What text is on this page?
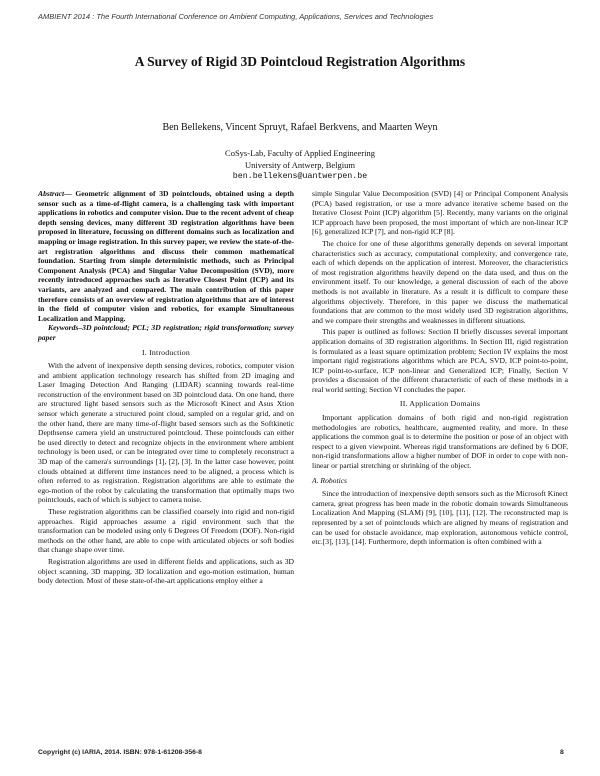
AMBIENT 2014 : The Fourth International Conference on Ambient Computing, Applications, Services and Technologies
A Survey of Rigid 3D Pointcloud Registration Algorithms
Ben Bellekens, Vincent Spruyt, Rafael Berkvens, and Maarten Weyn
CoSys-Lab, Faculty of Applied Engineering
University of Antwerp, Belgium
ben.bellekens@uantwerpen.be

Abstract— Geometric alignment of 3D pointclouds, obtained using a depth sensor such as a time-of-flight camera, is a challenging task with important applications in robotics and computer vision. Due to the recent advent of cheap depth sensing devices, many different 3D registration algorithms have been proposed in literature, focussing on different domains such as localization and mapping or image registration. In this survey paper, we review the state-of-the-art registration algorithms and discuss their common mathematical foundation. Starting from simple deterministic methods, such as Principal Component Analysis (PCA) and Singular Value Decomposition (SVD), more recently introduced approaches such as Iterative Closest Point (ICP) and its variants, are analyzed and compared. The main contribution of this paper therefore consists of an overview of registration algorithms that are of interest in the field of computer vision and robotics, for example Simultaneous Localization and Mapping.

Keywords–3D pointcloud; PCL; 3D registration; rigid transformation; survey paper

I. Introduction

With the advent of inexpensive depth sensing devices, robotics, computer vision and ambient application technology research has shifted from 2D imaging and Laser Imaging Detection And Ranging (LIDAR) scanning towards real-time reconstruction of the environment based on 3D pointcloud data. On one hand, there are structured light based sensors such as the Microsoft Kinect and Asus Xtion sensor which generate a structured point cloud, sampled on a regular grid, and on the other hand, there are many time-of-flight based sensors such as the Softkinetic Depthsense camera yield an unstructured pointcloud. These pointclouds can either be used directly to detect and recognize objects in the environment where ambient technology is been used, or can be integrated over time to completely reconstruct a 3D map of the camera's surroundings [1], [2], [3]. In the latter case however, point clouds obtained at different time instances need to be aligned, a process which is often referred to as registration. Registration algorithms are able to estimate the ego-motion of the robot by calculating the transformation that optimally maps two pointclouds, each of which is subject to camera noise.

These registration algorithms can be classified coarsely into rigid and non-rigid approaches. Rigid approaches assume a rigid environment such that the transformation can be modeled using only 6 Degrees Of Freedom (DOF). Non-rigid methods on the other hand, are able to cope with articulated objects or soft bodies that change shape over time.

Registration algorithms are used in different fields and applications, such as 3D object scanning, 3D mapping, 3D localization and ego-motion estimation, human body detection. Most of these state-of-the-art applications employ either a

simple Singular Value Decomposition (SVD) [4] or Principal Component Analysis (PCA) based registration, or use a more advance iterative scheme based on the Iterative Closest Point (ICP) algorithm [5]. Recently, many variants on the original ICP approach have been proposed, the most important of which are non-linear ICP [6], generalized ICP [7], and non-rigid ICP [8].

The choice for one of these algorithms generally depends on several important characteristics such as accuracy, computational complexity, and convergence rate, each of which depends on the application of interest. Moreover, the characteristics of most registration algorithms heavily depend on the data used, and thus on the environment itself. To our knowledge, a general discussion of each of the above methods is not available in literature. As a result it is difficult to compare these algorithms objectively. Therefore, in this paper we discuss the mathematical foundations that are common to the most widely used 3D registration algorithms, and we compare their strengths and weaknesses in different situations.

This paper is outlined as follows: Section II briefly discusses several important application domains of 3D registration algorithms. In Section III, rigid registration is formulated as a least square optimization problem; Section IV explains the most important rigid registrations algorithms which are PCA, SVD, ICP point-to-point, ICP point-to-surface, ICP non-linear and Generalized ICP; Finally, Section V provides a discussion of the different characteristic of each of these methods in a real world setting; Section VI concludes the paper.

II. Application Domains

Important application domains of both rigid and non-rigid registration methodologies are robotics, healthcare, augmented reality, and more. In these applications the common goal is to determine the position or pose of an object with respect to a given viewpoint. Whereas rigid transformations are defined by 6 DOF, non-rigid transformations allow a higher number of DOF in order to cope with non-linear or partial stretching or shrinking of the object.

A. Robotics

Since the introduction of inexpensive depth sensors such as the Microsoft Kinect camera, great progress has been made in the robotic domain towards Simultaneous Localization And Mapping (SLAM) [9], [10], [11], [12]. The reconstructed map is represented by a set of pointclouds which are aligned by means of registration and can be used for obstacle avoidance, map exploration, autonomous vehicle control, etc.[3], [13], [14]. Furthermore, depth information is often combined with a

Copyright (c) IARIA, 2014. ISBN: 978-1-61208-356-8	8
